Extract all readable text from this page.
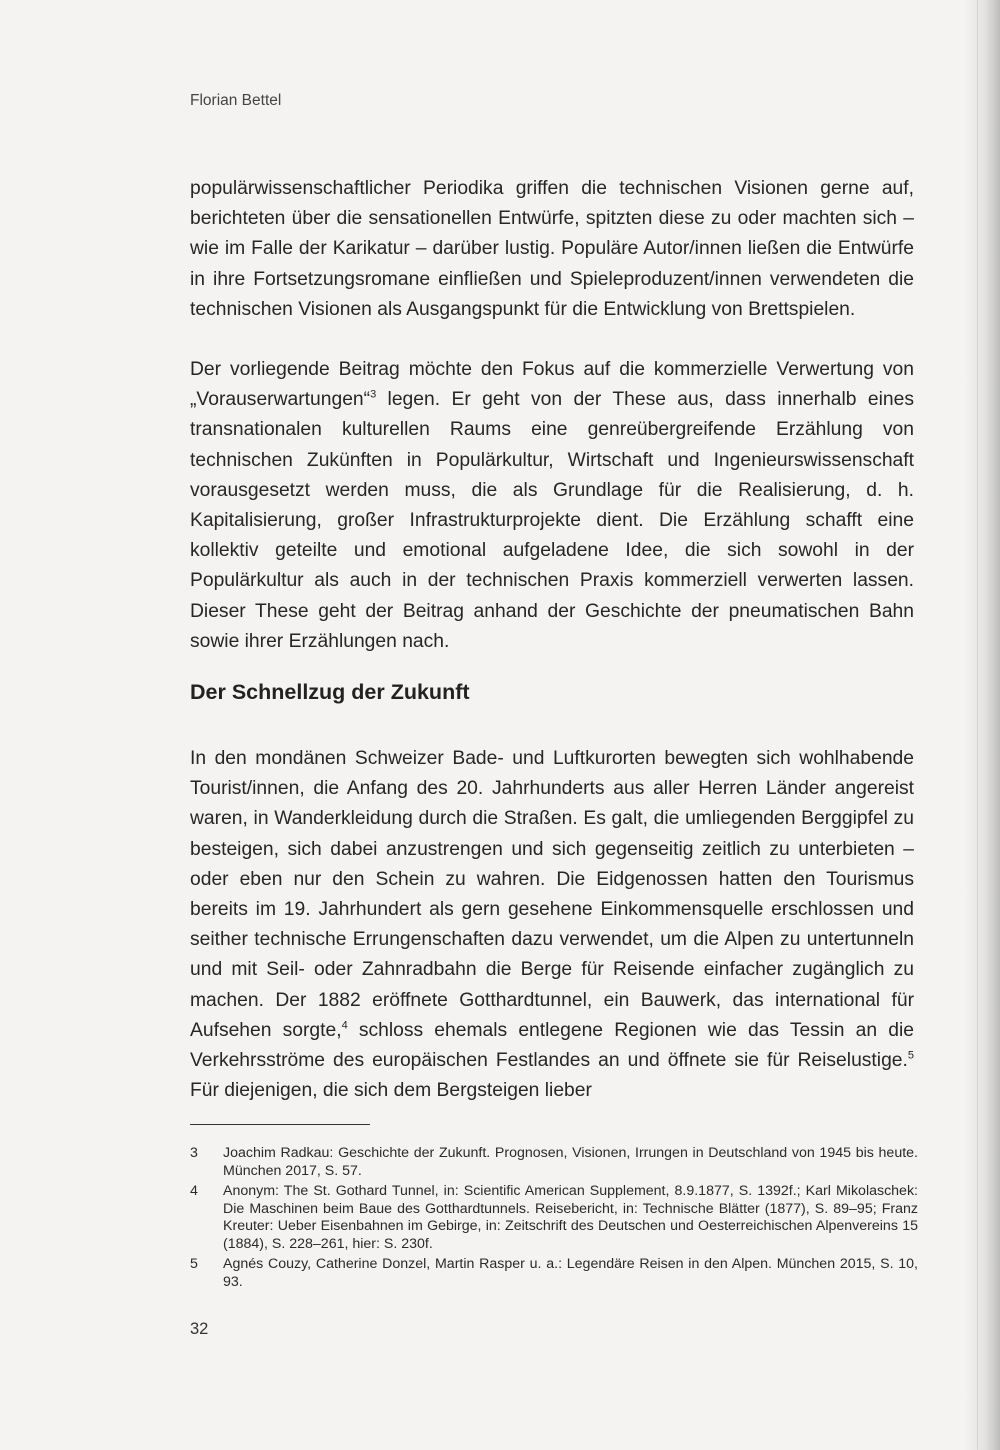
Florian Bettel

populärwissenschaftlicher Periodika griffen die technischen Visionen gerne auf, berichteten über die sensationellen Entwürfe, spitzten diese zu oder machten sich – wie im Falle der Karikatur – darüber lustig. Populäre Autor/innen ließen die Entwürfe in ihre Fortsetzungsromane einfließen und Spieleproduzent/innen verwendeten die technischen Visionen als Ausgangspunkt für die Entwicklung von Brettspielen.

Der vorliegende Beitrag möchte den Fokus auf die kommerzielle Verwertung von „Vorauserwartungen“$^3$ legen. Er geht von der These aus, dass innerhalb eines transnationalen kulturellen Raums eine genreübergreifende Erzählung von technischen Zukünften in Populärkultur, Wirtschaft und Ingenieurswissenschaft vorausgesetzt werden muss, die als Grundlage für die Realisierung, d. h. Kapitalisierung, großer Infrastrukturprojekte dient. Die Erzählung schafft eine kollektiv geteilte und emotional aufgeladene Idee, die sich sowohl in der Populärkultur als auch in der technischen Praxis kommerziell verwerten lassen. Dieser These geht der Beitrag anhand der Geschichte der pneumatischen Bahn sowie ihrer Erzählungen nach.

Der Schnellzug der Zukunft

In den mondänen Schweizer Bade- und Luftkurorten bewegten sich wohlhabende Tourist/innen, die Anfang des 20. Jahrhunderts aus aller Herren Länder angereist waren, in Wanderkleidung durch die Straßen. Es galt, die umliegenden Berggipfel zu besteigen, sich dabei anzustrengen und sich gegenseitig zeitlich zu unterbieten – oder eben nur den Schein zu wahren. Die Eidgenossen hatten den Tourismus bereits im 19. Jahrhundert als gern gesehene Einkommensquelle erschlossen und seither technische Errungenschaften dazu verwendet, um die Alpen zu untertunneln und mit Seil- oder Zahnradbahn die Berge für Reisende einfacher zugänglich zu machen. Der 1882 eröffnete Gotthardtunnel, ein Bauwerk, das international für Aufsehen sorgte,$^4$ schloss ehemals entlegene Regionen wie das Tessin an die Verkehrsströme des europäischen Festlandes an und öffnete sie für Reiselustige.$^5$ Für diejenigen, die sich dem Bergsteigen lieber

3 Joachim Radkau: Geschichte der Zukunft. Prognosen, Visionen, Irrungen in Deutschland von 1945 bis heute. München 2017, S. 57.
4 Anonym: The St. Gothard Tunnel, in: Scientific American Supplement, 8.9.1877, S. 1392f.; Karl Mikolaschek: Die Maschinen beim Baue des Gotthardtunnels. Reisebericht, in: Technische Blätter (1877), S. 89–95; Franz Kreuter: Ueber Eisenbahnen im Gebirge, in: Zeitschrift des Deutschen und Oesterreichischen Alpenvereins 15 (1884), S. 228–261, hier: S. 230f.
5 Agnés Couzy, Catherine Donzel, Martin Rasper u. a.: Legendäre Reisen in den Alpen. München 2015, S. 10, 93.

32
